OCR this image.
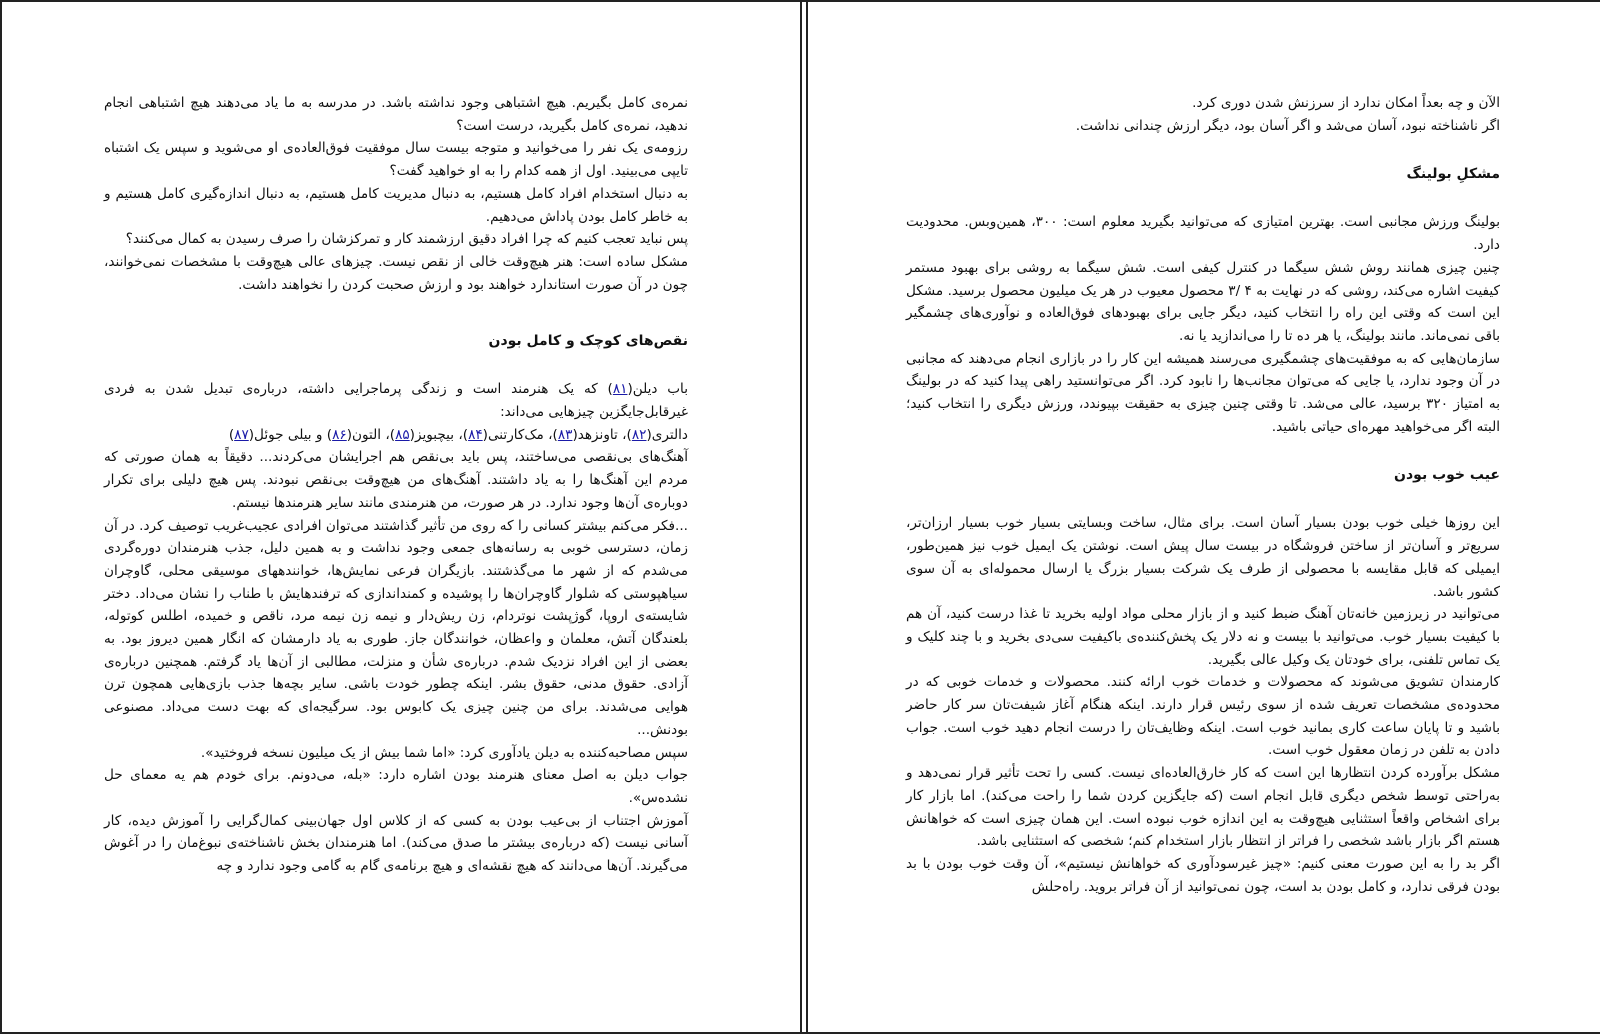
نمره‌ی کامل بگیریم. هیچ اشتباهی وجود نداشته باشد. در مدرسه به ما یاد می‌دهند هیچ اشتباهی انجام ندهید، نمره‌ی کامل بگیرید، درست است؟

رزومه‌ی یک نفر را می‌خوانید و متوجه بیست سال موفقیت فوق‌العاده‌ی او می‌شوید و سپس یک اشتباه تایپی می‌بینید. اول از همه کدام را به او خواهید گفت؟

به دنبال استخدام افراد کامل هستیم، به دنبال مدیریت کامل هستیم، به دنبال اندازه‌گیری کامل هستیم و به خاطر کامل بودن پاداش می‌دهیم.

پس نباید تعجب کنیم که چرا افراد دقیق ارزشمند کار و تمرکزشان را صرف رسیدن به کمال می‌کنند؟

مشکل ساده است: هنر هیچ‌وقت خالی از نقص نیست. چیزهای عالی هیچ‌وقت با مشخصات نمی‌خوانند، چون در آن صورت استاندارد خواهند بود و ارزش صحبت کردن را نخواهند داشت.

نقص‌های کوچک و کامل بودن

باب دیلن(۸۱) که یک هنرمند است و زندگی پرماجرایی داشته، درباره‌ی تبدیل شدن به فردی غیرقابل‌جایگزین چیزهایی می‌داند:

دالتری(۸۲)، تاونزهد(۸۳)، مک‌کارتنی(۸۴)، بیچبویز(۸۵)، التون(۸۶) و بیلی جوئل(۸۷)

آهنگ‌های بی‌نقصی می‌ساختند، پس باید بی‌نقص هم اجرایشان می‌کردند... دقیقاً به همان صورتی که مردم این آهنگ‌ها را به یاد داشتند. آهنگ‌های من هیچ‌وقت بی‌نقص نبودند. پس هیچ دلیلی برای تکرار دوباره‌ی آن‌ها وجود ندارد. در هر صورت، من هنرمندی مانند سایر هنرمندها نیستم.

...فکر می‌کنم بیشتر کسانی را که روی من تأثیر گذاشتند می‌توان افرادی عجیب‌غریب توصیف کرد. در آن زمان، دسترسی خوبی به رسانه‌های جمعی وجود نداشت و به همین دلیل، جذب هنرمندان دوره‌گردی می‌شدم که از شهر ما می‌گذشتند. بازیگران فرعی نمایش‌ها، خوانندههای موسیقی محلی، گاوچران سیاهپوستی که شلوار گاوچران‌ها را پوشیده و کمنداندازی که ترفندهایش با طناب را نشان می‌داد. دختر شایسته‌ی اروپا، گوژپشت نوتردام، زن ریش‌دار و نیمه زن نیمه مرد، ناقص و خمیده، اطلس کوتوله، بلعندگان آتش، معلمان و واعظان، خوانندگان جاز. طوری به یاد دارمشان که انگار همین دیروز بود. به بعضی از این افراد نزدیک شدم. درباره‌ی شأن و منزلت، مطالبی از آن‌ها یاد گرفتم. همچنین درباره‌ی آزادی. حقوق مدنی، حقوق بشر. اینکه چطور خودت باشی. سایر بچه‌ها جذب بازی‌هایی همچون ترن هوایی می‌شدند. برای من چنین چیزی یک کابوس بود. سرگیجه‌ای که بهت دست می‌داد. مصنوعی بودنش...

سپس مصاحبه‌کننده به دیلن یادآوری کرد: «اما شما بیش از یک میلیون نسخه فروختید».

جواب دیلن به اصل معنای هنرمند بودن اشاره دارد: «بله، می‌دونم. برای خودم هم یه معمای حل نشده‌س».

آموزش اجتناب از بی‌عیب بودن به کسی که از کلاس اول جهان‌بینی کمال‌گرایی را آموزش دیده، کار آسانی نیست (که درباره‌ی بیشتر ما صدق می‌کند). اما هنرمندان بخش ناشناخته‌ی نبوغ‌مان را در آغوش می‌گیرند. آن‌ها می‌دانند که هیچ نقشه‌ای و هیچ برنامه‌ی گام به گامی وجود ندارد و چه

الآن و چه بعداً امکان ندارد از سرزنش شدن دوری کرد.

اگر ناشناخته نبود، آسان می‌شد و اگر آسان بود، دیگر ارزش چندانی نداشت.

مشکلِ بولینگ

بولینگ ورزش مجانبی است. بهترین امتیازی که می‌توانید بگیرید معلوم است: ۳۰۰، همین‌وبس. محدودیت دارد.

چنین چیزی همانند روش شش سیگما در کنترل کیفی است. شش سیگما به روشی برای بهبود مستمر کیفیت اشاره می‌کند، روشی که در نهایت به ۴ /۳ محصول معیوب در هر یک میلیون محصول برسید. مشکل این است که وقتی این راه را انتخاب کنید، دیگر جایی برای بهبودهای فوق‌العاده و نوآوری‌های چشمگیر باقی نمی‌ماند. مانند بولینگ، یا هر ده تا را می‌اندازید یا نه.

سازمان‌هایی که به موفقیت‌های چشمگیری می‌رسند همیشه این کار را در بازاری انجام می‌دهند که مجانبی در آن وجود ندارد، یا جایی که می‌توان مجانب‌ها را نابود کرد. اگر می‌توانستید راهی پیدا کنید که در بولینگ به امتیاز ۳۲۰ برسید، عالی می‌شد. تا وقتی چنین چیزی به حقیقت بپیوندد، ورزش دیگری را انتخاب کنید؛ البته اگر می‌خواهید مهره‌ای حیاتی باشید.

عیب خوب بودن

این روزها خیلی خوب بودن بسیار آسان است. برای مثال، ساخت وبسایتی بسیار خوب بسیار ارزان‌تر، سریع‌تر و آسان‌تر از ساختن فروشگاه در بیست سال پیش است. نوشتن یک ایمیل خوب نیز همین‌طور، ایمیلی که قابل مقایسه با محصولی از طرف یک شرکت بسیار بزرگ یا ارسال محموله‌ای به آن سوی کشور باشد.

می‌توانید در زیرزمین خانه‌تان آهنگ ضبط کنید و از بازار محلی مواد اولیه بخرید تا غذا درست کنید، آن هم با کیفیت بسیار خوب. می‌توانید با بیست و نه دلار یک پخش‌کننده‌ی باکیفیت سی‌دی بخرید و با چند کلیک و یک تماس تلفنی، برای خودتان یک وکیل عالی بگیرید.

کارمندان تشویق می‌شوند که محصولات و خدمات خوب ارائه کنند. محصولات و خدمات خوبی که در محدوده‌ی مشخصات تعریف شده از سوی رئیس قرار دارند. اینکه هنگام آغاز شیفت‌تان سر کار حاضر باشید و تا پایان ساعت کاری بمانید خوب است. اینکه وظایف‌تان را درست انجام دهید خوب است. جواب دادن به تلفن در زمان معقول خوب است.

مشکل برآورده کردن انتظارها این است که کار خارق‌العاده‌ای نیست. کسی را تحت تأثیر قرار نمی‌دهد و به‌راحتی توسط شخص دیگری قابل انجام است (که جایگزین کردن شما را راحت می‌کند). اما بازار کار برای اشخاص واقعاً استثنایی هیچ‌وقت به این اندازه خوب نبوده است. این همان چیزی است که خواهانش هستم اگر بازار باشد شخصی را فراتر از انتظار بازار استخدام کنم؛ شخصی که استثنایی باشد.

اگر بد را به این صورت معنی کنیم: «چیز غیرسودآوری که خواهانش نیستیم»، آن وقت خوب بودن با بد بودن فرقی ندارد، و کامل بودن بد است، چون نمی‌توانید از آن فراتر بروید. راه‌حلش
